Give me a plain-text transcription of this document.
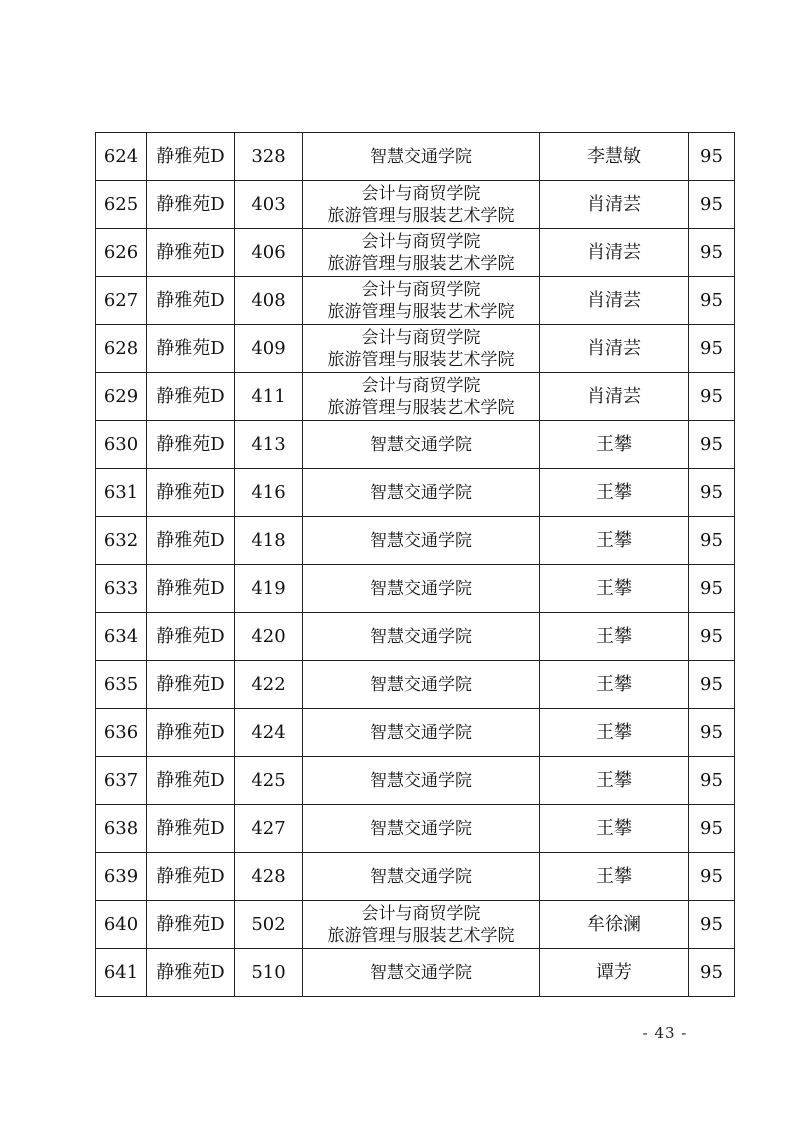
624	静雅苑D	328	智慧交通学院	李慧敏	95
625	静雅苑D	403	会计与商贸学院
旅游管理与服装艺术学院	肖清芸	95
626	静雅苑D	406	会计与商贸学院
旅游管理与服装艺术学院	肖清芸	95
627	静雅苑D	408	会计与商贸学院
旅游管理与服装艺术学院	肖清芸	95
628	静雅苑D	409	会计与商贸学院
旅游管理与服装艺术学院	肖清芸	95
629	静雅苑D	411	会计与商贸学院
旅游管理与服装艺术学院	肖清芸	95
630	静雅苑D	413	智慧交通学院	王攀	95
631	静雅苑D	416	智慧交通学院	王攀	95
632	静雅苑D	418	智慧交通学院	王攀	95
633	静雅苑D	419	智慧交通学院	王攀	95
634	静雅苑D	420	智慧交通学院	王攀	95
635	静雅苑D	422	智慧交通学院	王攀	95
636	静雅苑D	424	智慧交通学院	王攀	95
637	静雅苑D	425	智慧交通学院	王攀	95
638	静雅苑D	427	智慧交通学院	王攀	95
639	静雅苑D	428	智慧交通学院	王攀	95
640	静雅苑D	502	会计与商贸学院
旅游管理与服装艺术学院	牟徐澜	95
641	静雅苑D	510	智慧交通学院	谭芳	95
- 43 -
